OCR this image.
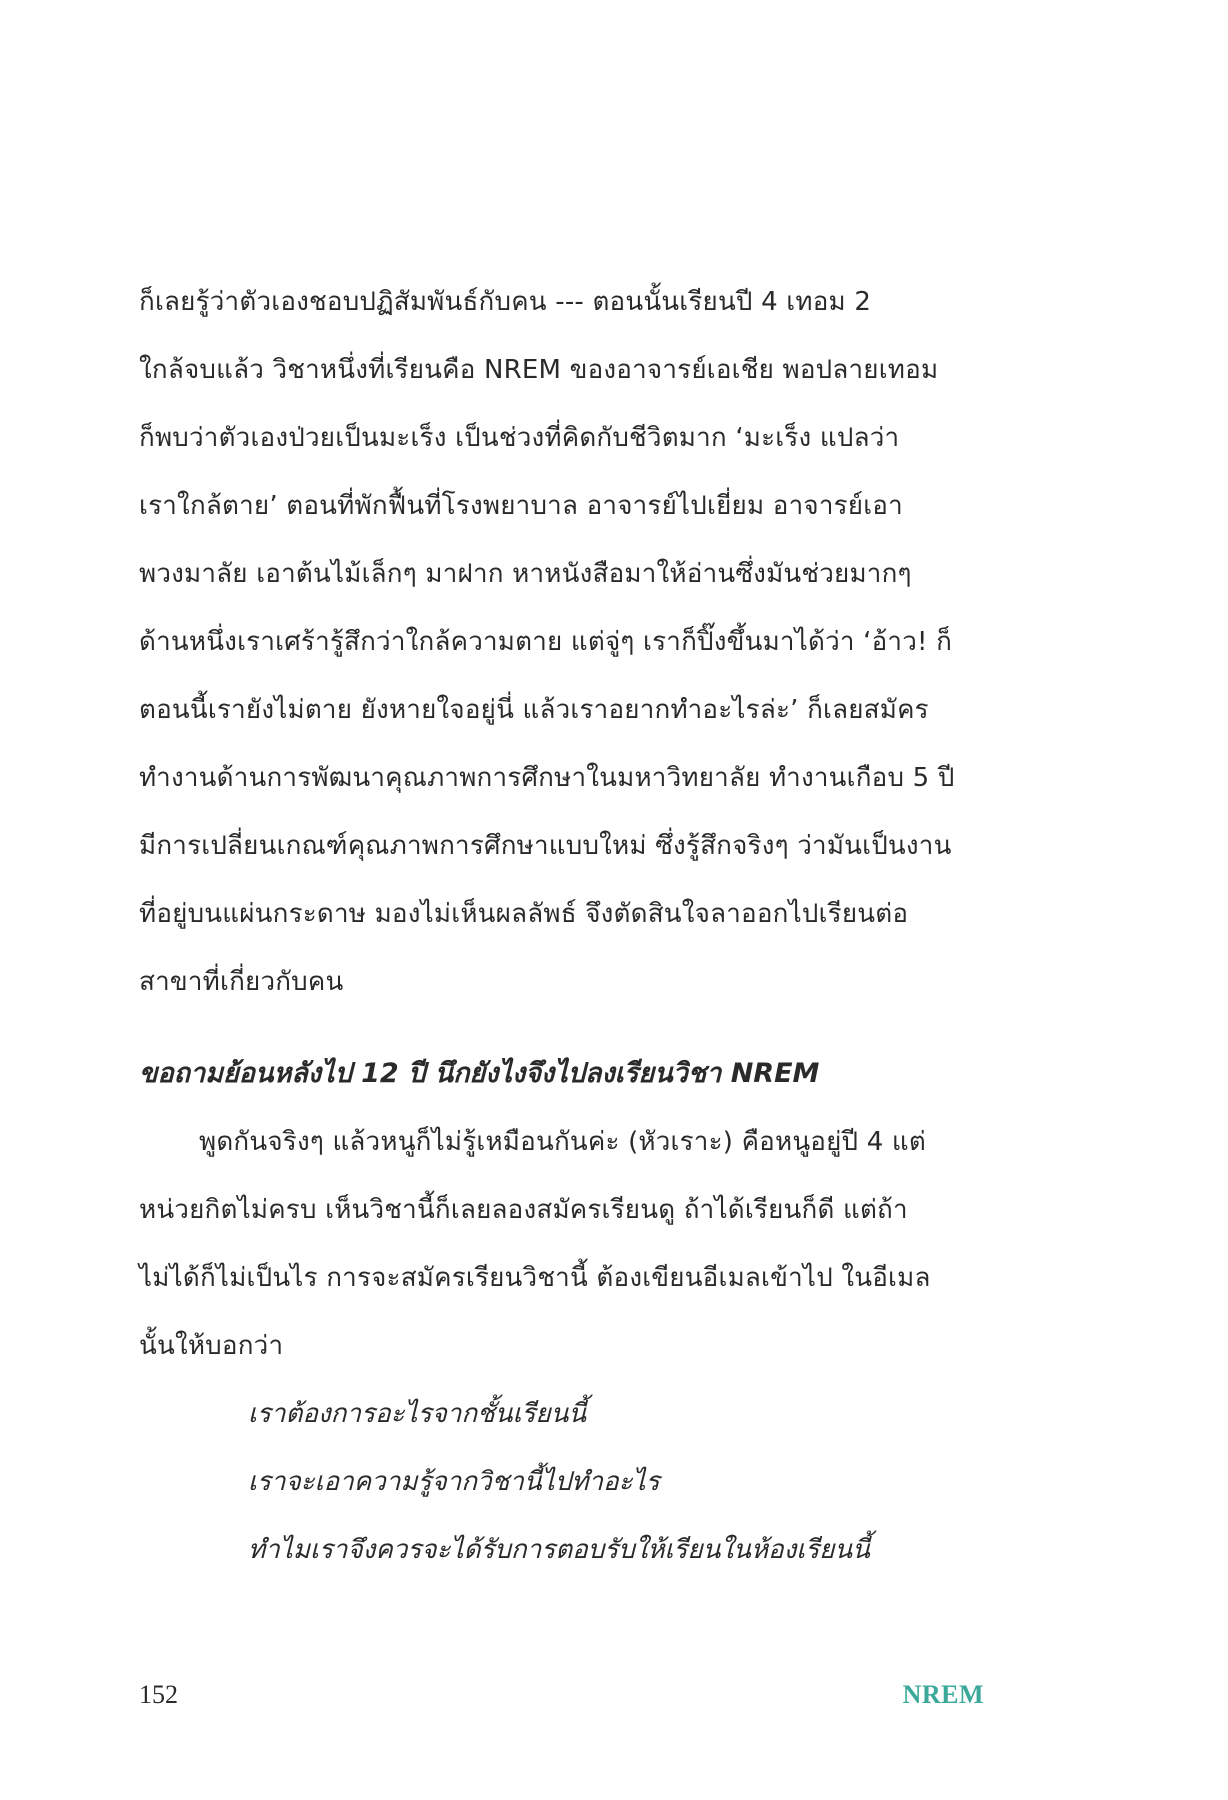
ก็เลยรู้ว่าตัวเองชอบปฏิสัมพันธ์กับคน --- ตอนนั้นเรียนปี 4 เทอม 2
ใกล้จบแล้ว วิชาหนึ่งที่เรียนคือ NREM ของอาจารย์เอเชีย พอปลายเทอม
ก็พบว่าตัวเองป่วยเป็นมะเร็ง เป็นช่วงที่คิดกับชีวิตมาก ‘มะเร็ง แปลว่า
เราใกล้ตาย’ ตอนที่พักฟื้นที่โรงพยาบาล อาจารย์ไปเยี่ยม อาจารย์เอา
พวงมาลัย เอาต้นไม้เล็กๆ มาฝาก หาหนังสือมาให้อ่านซึ่งมันช่วยมากๆ
ด้านหนึ่งเราเศร้ารู้สึกว่าใกล้ความตาย แต่จู่ๆ เราก็ปิ๊งขึ้นมาได้ว่า ‘อ้าว! ก็
ตอนนี้เรายังไม่ตาย ยังหายใจอยู่นี่ แล้วเราอยากทำอะไรล่ะ’ ก็เลยสมัคร
ทำงานด้านการพัฒนาคุณภาพการศึกษาในมหาวิทยาลัย ทำงานเกือบ 5 ปี
มีการเปลี่ยนเกณฑ์คุณภาพการศึกษาแบบใหม่ ซึ่งรู้สึกจริงๆ ว่ามันเป็นงาน
ที่อยู่บนแผ่นกระดาษ มองไม่เห็นผลลัพธ์ จึงตัดสินใจลาออกไปเรียนต่อ
สาขาที่เกี่ยวกับคน
ขอถามย้อนหลังไป 12 ปี นึกยังไงจึงไปลงเรียนวิชา NREM
พูดกันจริงๆ แล้วหนูก็ไม่รู้เหมือนกันค่ะ (หัวเราะ) คือหนูอยู่ปี 4 แต่
หน่วยกิตไม่ครบ เห็นวิชานี้ก็เลยลองสมัครเรียนดู ถ้าได้เรียนก็ดี แต่ถ้า
ไม่ได้ก็ไม่เป็นไร การจะสมัครเรียนวิชานี้ ต้องเขียนอีเมลเข้าไป ในอีเมล
นั้นให้บอกว่า
เราต้องการอะไรจากชั้นเรียนนี้
เราจะเอาความรู้จากวิชานี้ไปทำอะไร
ทำไมเราจึงควรจะได้รับการตอบรับให้เรียนในห้องเรียนนี้
152	NREM
